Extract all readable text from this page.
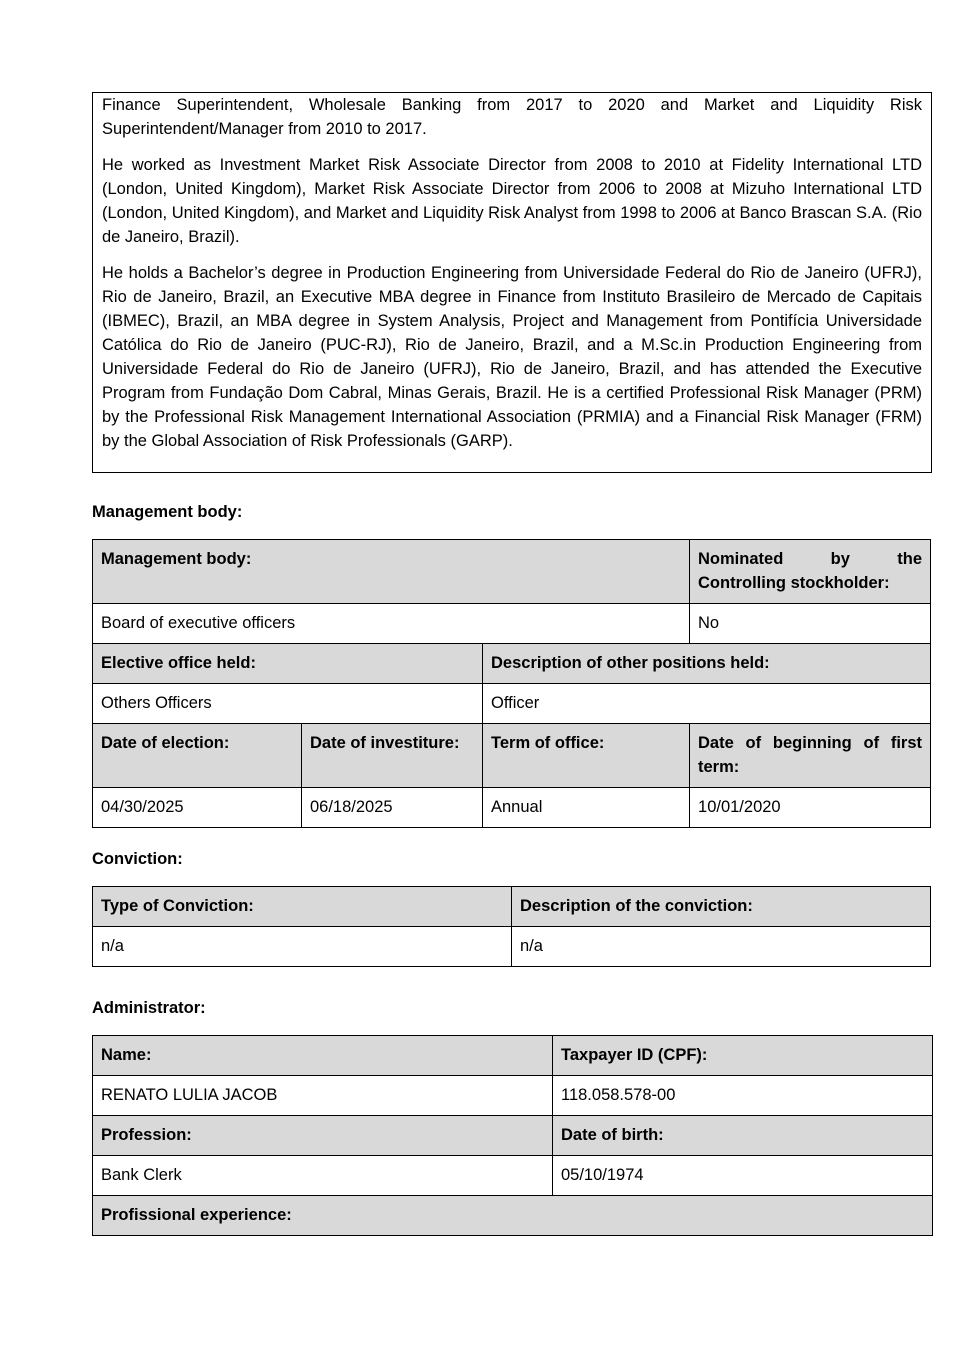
Finance Superintendent, Wholesale Banking from 2017 to 2020 and Market and Liquidity Risk Superintendent/Manager from 2010 to 2017.

He worked as Investment Market Risk Associate Director from 2008 to 2010 at Fidelity International LTD (London, United Kingdom), Market Risk Associate Director from 2006 to 2008 at Mizuho International LTD (London, United Kingdom), and Market and Liquidity Risk Analyst from 1998 to 2006 at Banco Brascan S.A. (Rio de Janeiro, Brazil).

He holds a Bachelor’s degree in Production Engineering from Universidade Federal do Rio de Janeiro (UFRJ), Rio de Janeiro, Brazil, an Executive MBA degree in Finance from Instituto Brasileiro de Mercado de Capitais (IBMEC), Brazil, an MBA degree in System Analysis, Project and Management from Pontifícia Universidade Católica do Rio de Janeiro (PUC-RJ), Rio de Janeiro, Brazil, and a M.Sc.in Production Engineering from Universidade Federal do Rio de Janeiro (UFRJ), Rio de Janeiro, Brazil, and has attended the Executive Program from Fundação Dom Cabral, Minas Gerais, Brazil. He is a certified Professional Risk Manager (PRM) by the Professional Risk Management International Association (PRMIA) and a Financial Risk Manager (FRM) by the Global Association of Risk Professionals (GARP).

Management body:
Management body:			Nominated by the Controlling stockholder:
Board of executive officers			No
Elective office held:		Description of other positions held:	
Others Officers		Officer	
Date of election:	Date of investiture:	Term of office:	Date of beginning of first term:
04/30/2025	06/18/2025	Annual	10/01/2020
Conviction:
Type of Conviction:	Description of the conviction:
n/a	n/a
Administrator:
Name:	Taxpayer ID (CPF):
RENATO LULIA JACOB	118.058.578-00
Profession:	Date of birth:
Bank Clerk	05/10/1974
Profissional experience:	
